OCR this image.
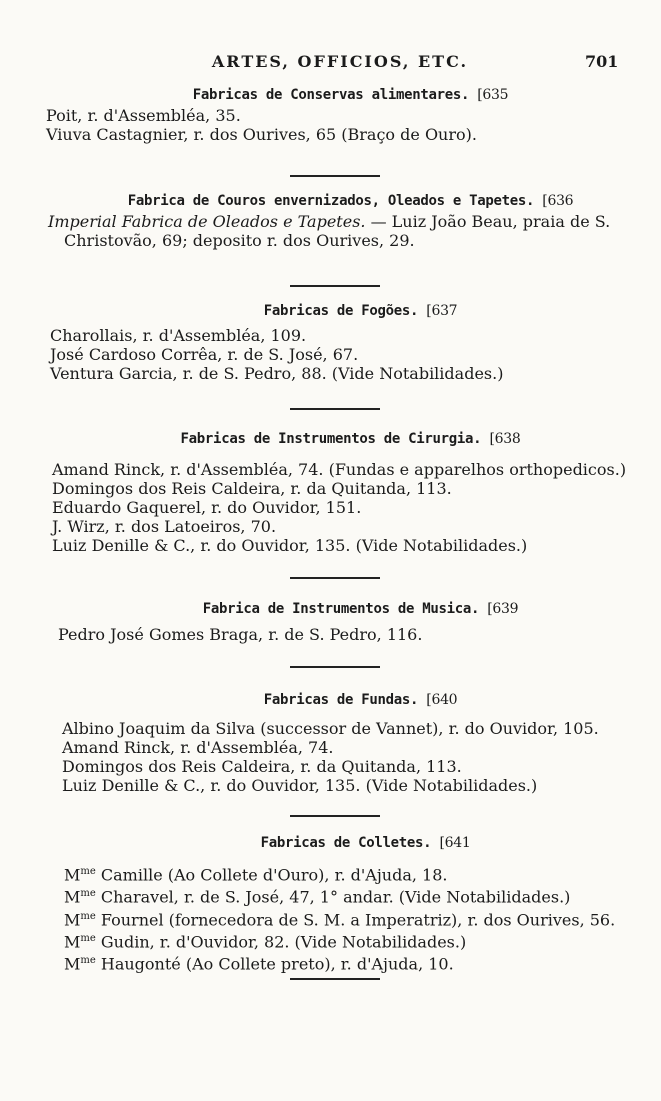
ARTES, OFFICIOS, ETC.	701
Fabricas de Conservas alimentares. [635
Poit, r. d'Assembléa, 35.
Viuva Castagnier, r. dos Ourives, 65 (Braço de Ouro).
Fabrica de Couros envernizados, Oleados e Tapetes. [636
Imperial Fabrica de Oleados e Tapetes. — Luiz João Beau, praia de S. Christovão, 69; deposito r. dos Ourives, 29.
Fabricas de Fogões. [637
Charollais, r. d'Assembléa, 109.
José Cardoso Corrêa, r. de S. José, 67.
Ventura Garcia, r. de S. Pedro, 88. (Vide Notabilidades.)
Fabricas de Instrumentos de Cirurgia. [638
Amand Rinck, r. d'Assembléa, 74. (Fundas e apparelhos orthopedicos.)
Domingos dos Reis Caldeira, r. da Quitanda, 113.
Eduardo Gaquerel, r. do Ouvidor, 151.
J. Wirz, r. dos Latoeiros, 70.
Luiz Denille & C., r. do Ouvidor, 135. (Vide Notabilidades.)
Fabrica de Instrumentos de Musica. [639
Pedro José Gomes Braga, r. de S. Pedro, 116.
Fabricas de Fundas. [640
Albino Joaquim da Silva (successor de Vannet), r. do Ouvidor, 105.
Amand Rinck, r. d'Assembléa, 74.
Domingos dos Reis Caldeira, r. da Quitanda, 113.
Luiz Denille & C., r. do Ouvidor, 135. (Vide Notabilidades.)
Fabricas de Colletes. [641
$M^{me}$ Camille (Ao Collete d'Ouro), r. d'Ajuda, 18.
$M^{me}$ Charavel, r. de S. José, 47, 1° andar. (Vide Notabilidades.)
$M^{me}$ Fournel (fornecedora de S. M. a Imperatriz), r. dos Ourives, 56.
$M^{me}$ Gudin, r. d'Ouvidor, 82. (Vide Notabilidades.)
$M^{me}$ Haugonté (Ao Collete preto), r. d'Ajuda, 10.
